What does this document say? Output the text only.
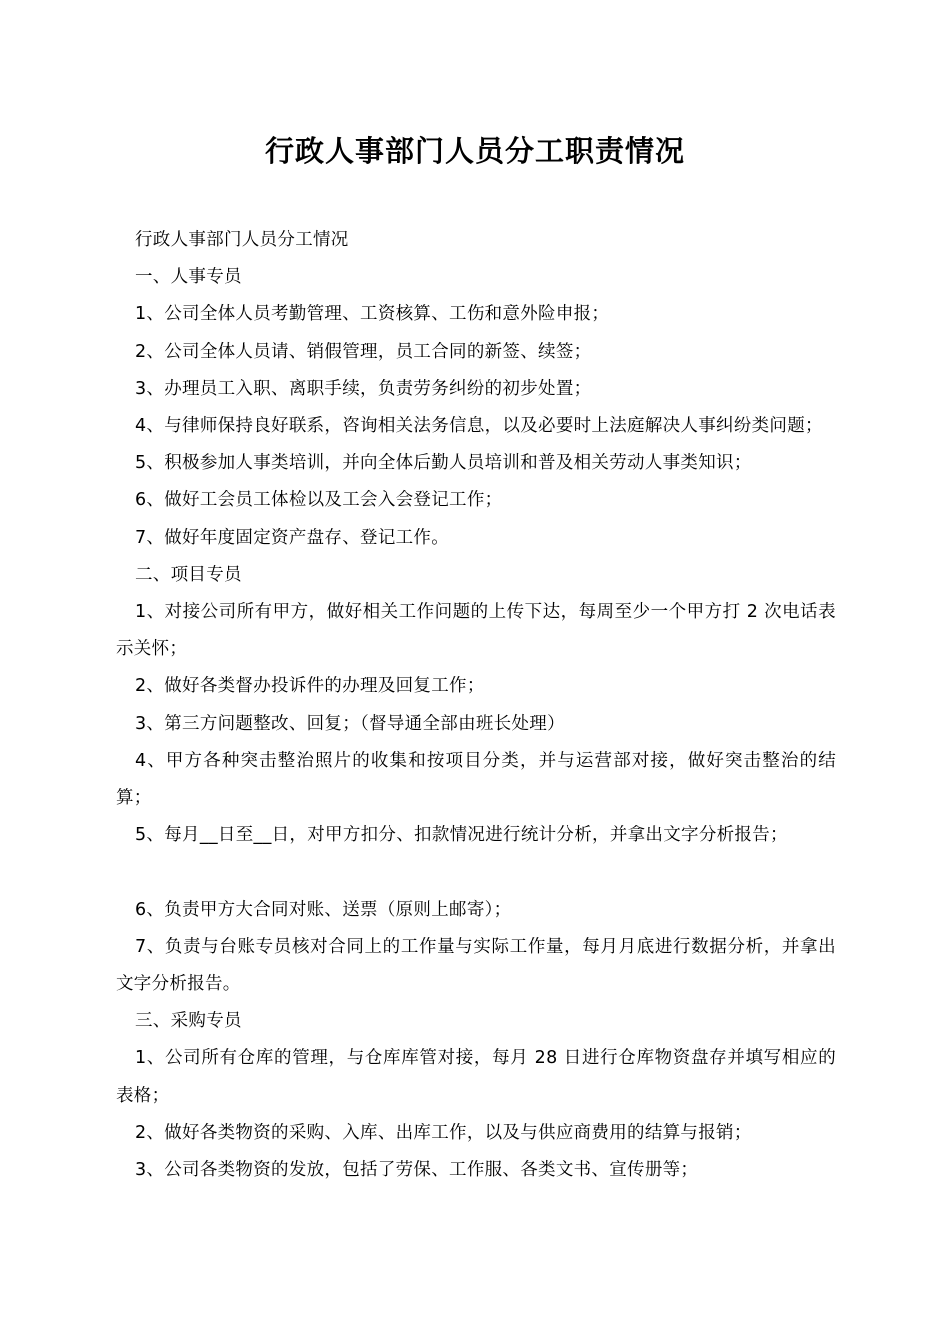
行政人事部门人员分工职责情况

行政人事部门人员分工情况

一、人事专员

1、公司全体人员考勤管理、工资核算、工伤和意外险申报；

2、公司全体人员请、销假管理，员工合同的新签、续签；

3、办理员工入职、离职手续，负责劳务纠纷的初步处置；

4、与律师保持良好联系，咨询相关法务信息，以及必要时上法庭解决人事纠纷类问题；

5、积极参加人事类培训，并向全体后勤人员培训和普及相关劳动人事类知识；

6、做好工会员工体检以及工会入会登记工作；

7、做好年度固定资产盘存、登记工作。

二、项目专员

1、对接公司所有甲方，做好相关工作问题的上传下达，每周至少一个甲方打 2 次电话表示关怀；

2、做好各类督办投诉件的办理及回复工作；

3、第三方问题整改、回复；（督导通全部由班长处理）

4、甲方各种突击整治照片的收集和按项目分类，并与运营部对接，做好突击整治的结算；

5、每月__日至__日，对甲方扣分、扣款情况进行统计分析，并拿出文字分析报告；

6、负责甲方大合同对账、送票（原则上邮寄）；

7、负责与台账专员核对合同上的工作量与实际工作量，每月月底进行数据分析，并拿出文字分析报告。

三、采购专员

1、公司所有仓库的管理，与仓库库管对接，每月 28 日进行仓库物资盘存并填写相应的表格；

2、做好各类物资的采购、入库、出库工作，以及与供应商费用的结算与报销；

3、公司各类物资的发放，包括了劳保、工作服、各类文书、宣传册等；
